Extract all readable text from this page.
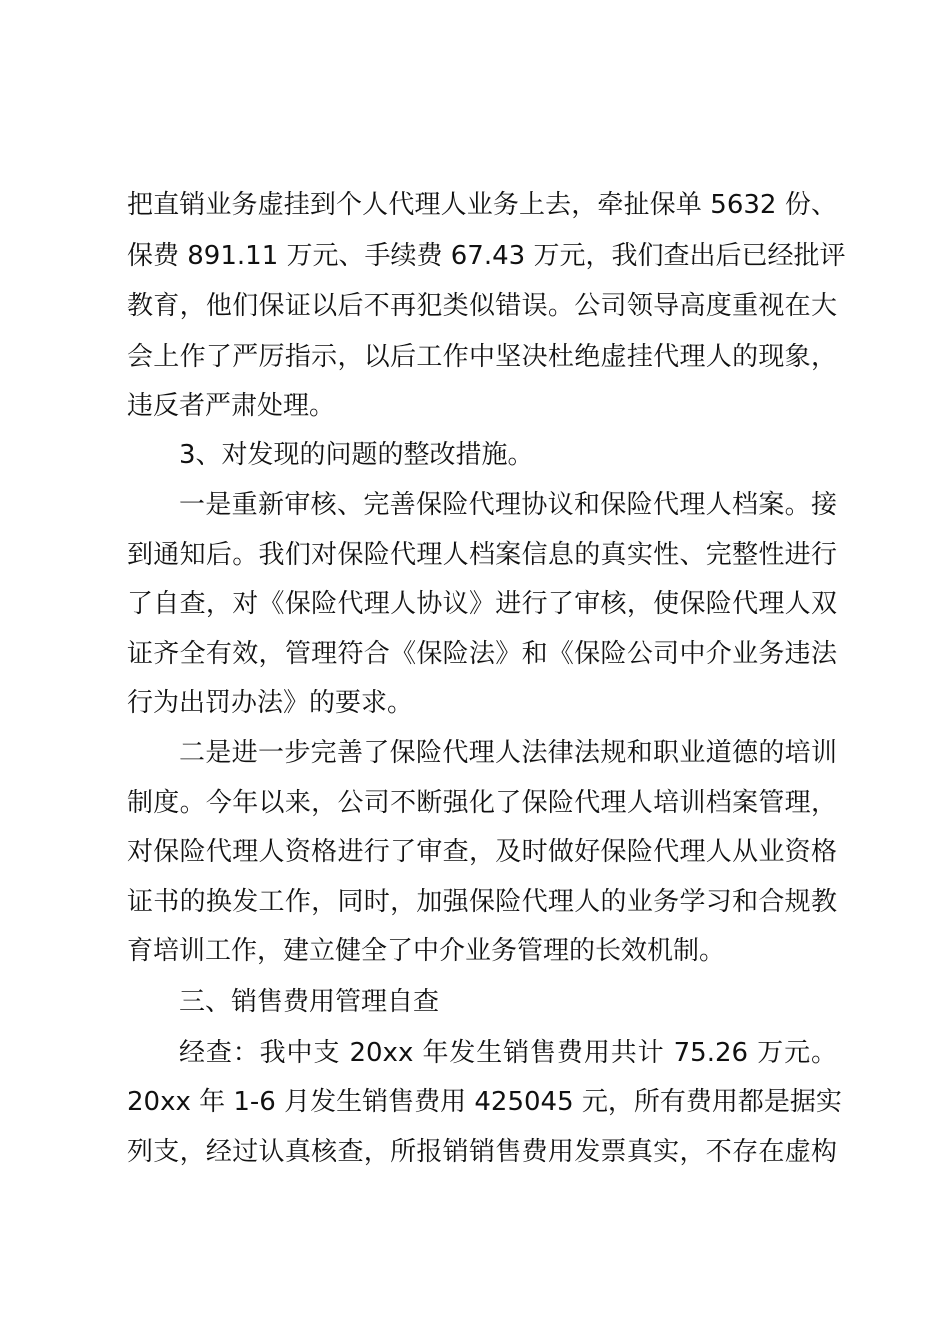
把直销业务虚挂到个人代理人业务上去，牵扯保单 5632 份、
保费 891.11 万元、手续费 67.43 万元，我们查出后已经批评
教育，他们保证以后不再犯类似错误。公司领导高度重视在大
会上作了严厉指示，以后工作中坚决杜绝虚挂代理人的现象，
违反者严肃处理。
3、对发现的问题的整改措施。
一是重新审核、完善保险代理协议和保险代理人档案。接
到通知后。我们对保险代理人档案信息的真实性、完整性进行
了自查，对《保险代理人协议》进行了审核，使保险代理人双
证齐全有效，管理符合《保险法》和《保险公司中介业务违法
行为出罚办法》的要求。
二是进一步完善了保险代理人法律法规和职业道德的培训
制度。今年以来，公司不断强化了保险代理人培训档案管理，
对保险代理人资格进行了审查，及时做好保险代理人从业资格
证书的换发工作，同时，加强保险代理人的业务学习和合规教
育培训工作，建立健全了中介业务管理的长效机制。
三、销售费用管理自查
经查：我中支 20xx 年发生销售费用共计 75.26 万元。
20xx 年 1-6 月发生销售费用 425045 元，所有费用都是据实
列支，经过认真核查，所报销销售费用发票真实，不存在虚构
